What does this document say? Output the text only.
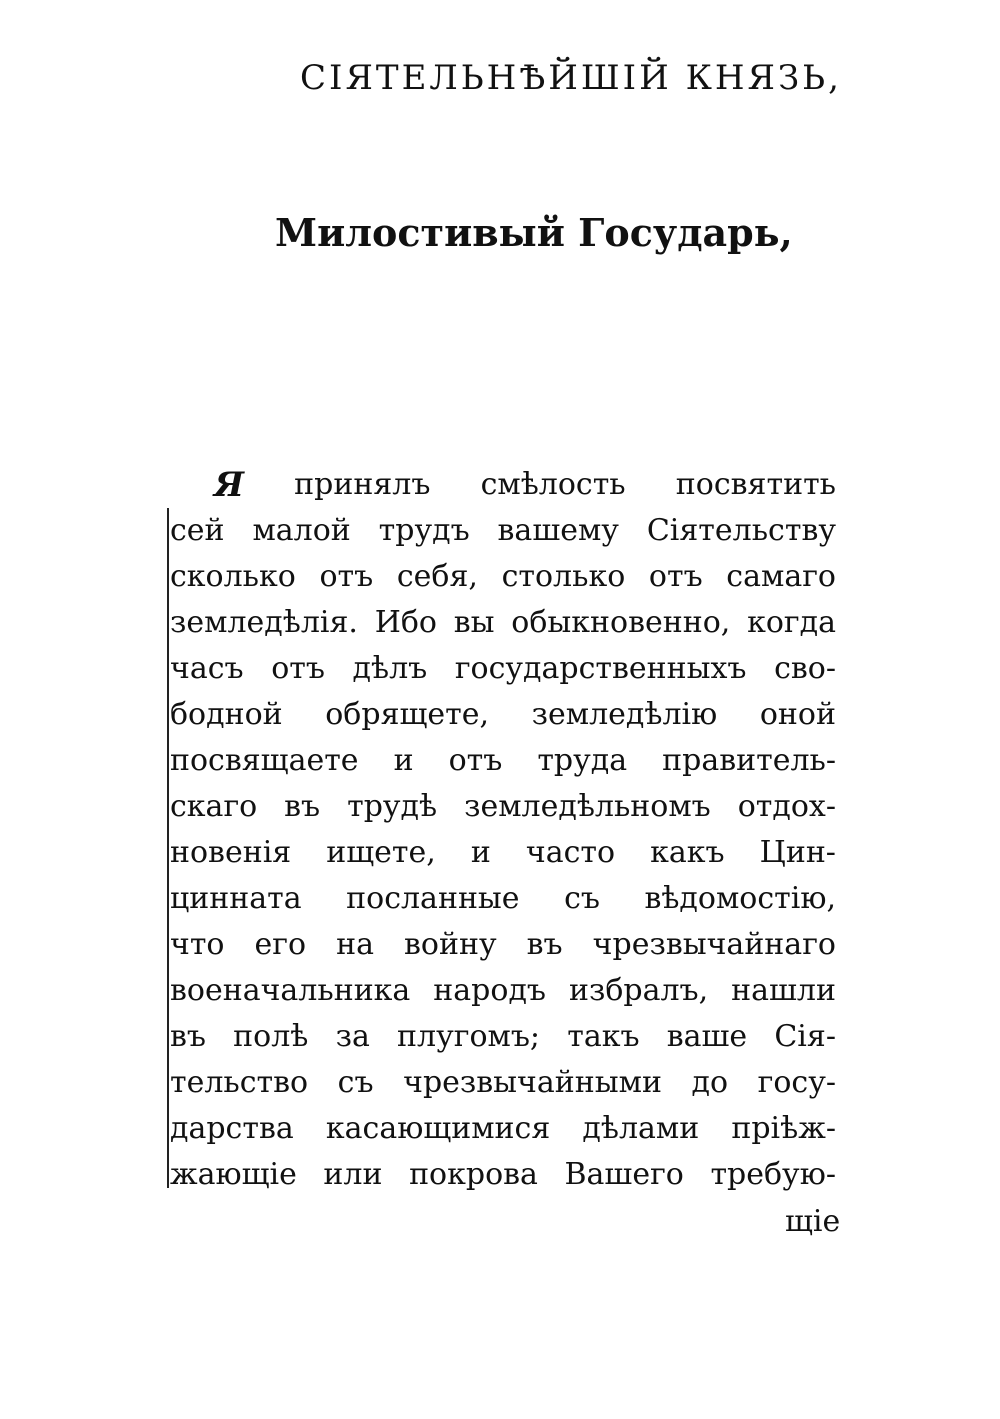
СІЯТЕЛЬНѢЙШІЙ КНЯЗЬ,
Милостивый Государь,
Я принялъ смѣлость посвятить
сей малой трудъ вашему Сіятельству
сколько отъ себя, столько отъ самаго
земледѣлія. Ибо вы обыкновенно, когда
часъ отъ дѣлъ государственныхъ сво-
бодной обрящете, земледѣлію оной
посвящаете и отъ труда правитель-
скаго въ трудѣ земледѣльномъ отдох-
новенія ищете, и часто какъ Цин-
цинната посланные съ вѣдомостію,
что его на войну въ чрезвычайнаго
военачальника народъ избралъ, нашли
въ полѣ за плугомъ; такъ ваше Сія-
тельство съ чрезвычайными до госу-
дарства касающимися дѣлами пріѣж-
жающіе или покрова Вашего требую-
щіе
